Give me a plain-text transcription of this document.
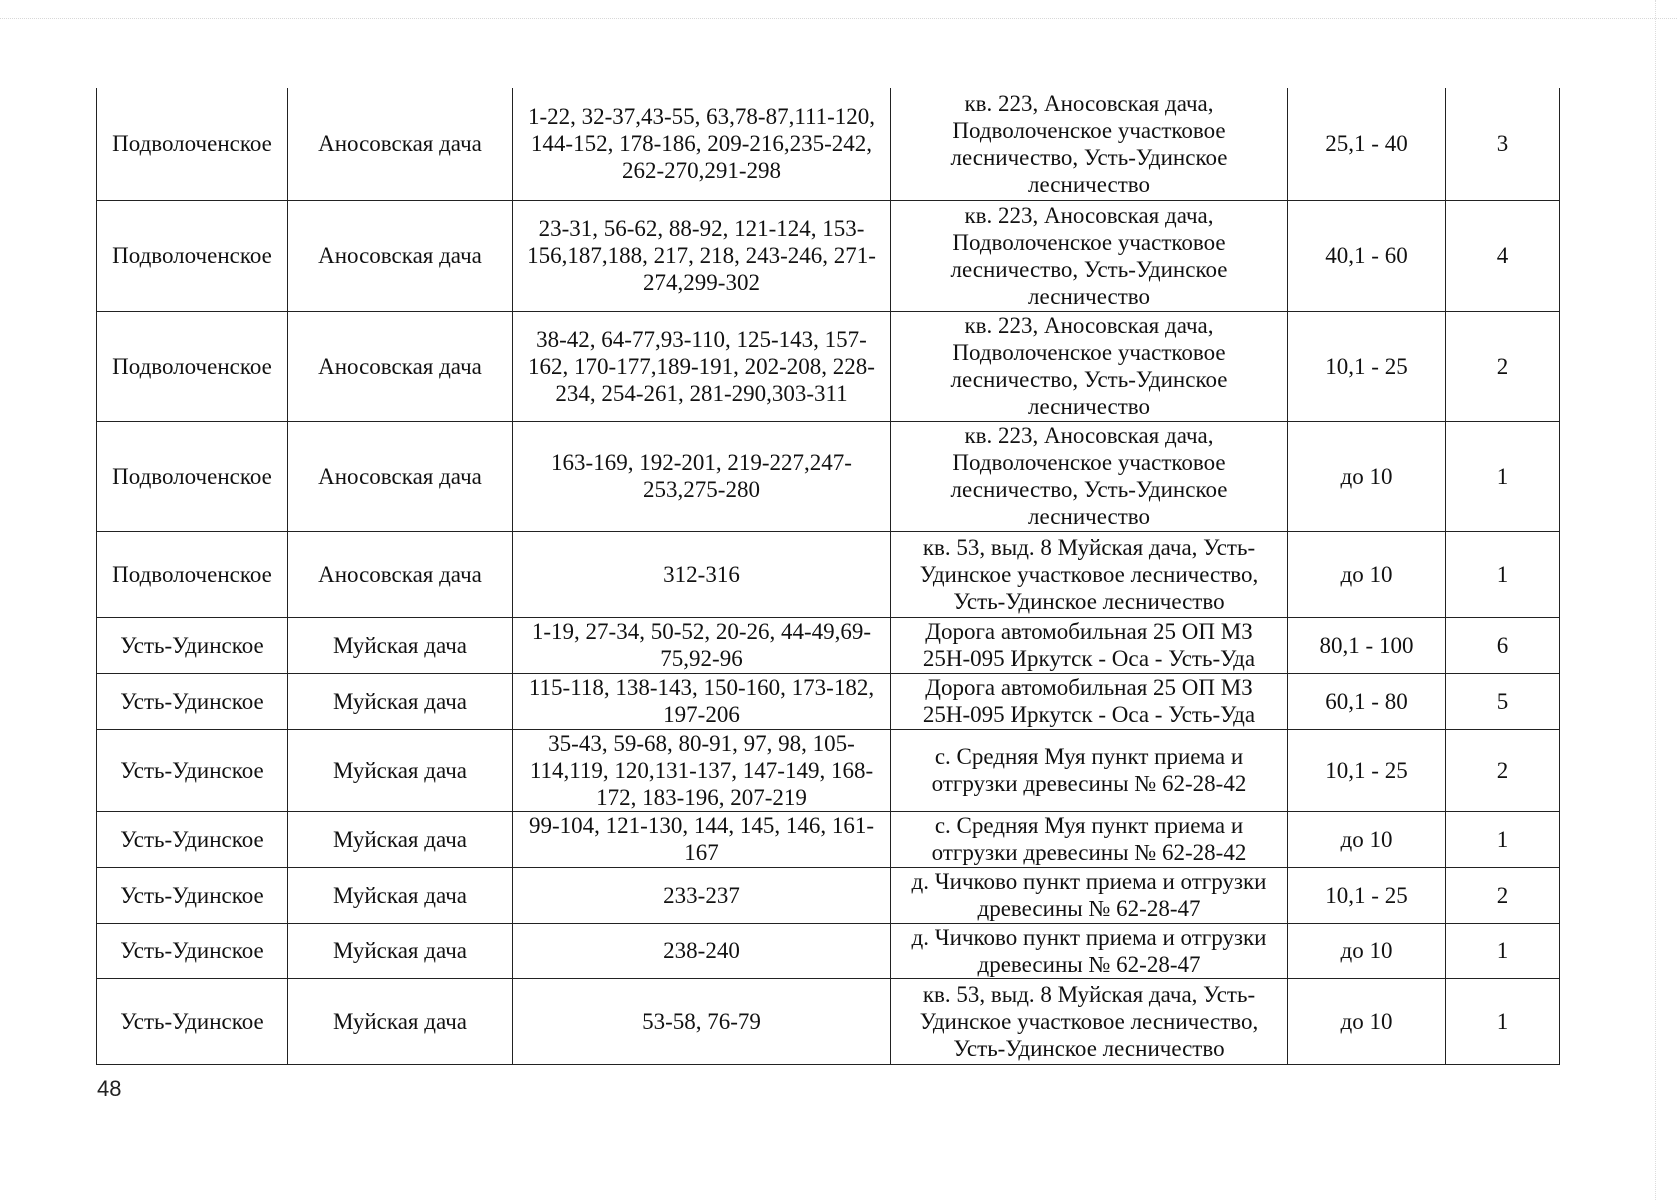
Подволоченское	Аносовская дача	1-22, 32-37,43-55, 63,78-87,111-120, 144-152, 178-186, 209-216,235-242, 262-270,291-298	кв. 223, Аносовская дача, Подволоченское участковое лесничество, Усть-Удинское лесничество	25,1 - 40	3
Подволоченское	Аносовская дача	23-31, 56-62, 88-92, 121-124, 153-156,187,188, 217, 218, 243-246, 271-274,299-302	кв. 223, Аносовская дача, Подволоченское участковое лесничество, Усть-Удинское лесничество	40,1 - 60	4
Подволоченское	Аносовская дача	38-42, 64-77,93-110, 125-143, 157-162, 170-177,189-191, 202-208, 228-234, 254-261, 281-290,303-311	кв. 223, Аносовская дача, Подволоченское участковое лесничество, Усть-Удинское лесничество	10,1 - 25	2
Подволоченское	Аносовская дача	163-169, 192-201, 219-227,247-253,275-280	кв. 223, Аносовская дача, Подволоченское участковое лесничество, Усть-Удинское лесничество	до 10	1
Подволоченское	Аносовская дача	312-316	кв. 53, выд. 8 Муйская дача, Усть-Удинское участковое лесничество, Усть-Удинское лесничество	до 10	1
Усть-Удинское	Муйская дача	1-19, 27-34, 50-52, 20-26, 44-49,69-75,92-96	Дорога автомобильная 25 ОП МЗ 25Н-095 Иркутск - Оса - Усть-Уда	80,1 - 100	6
Усть-Удинское	Муйская дача	115-118, 138-143, 150-160, 173-182, 197-206	Дорога автомобильная 25 ОП МЗ 25Н-095 Иркутск - Оса - Усть-Уда	60,1 - 80	5
Усть-Удинское	Муйская дача	35-43, 59-68, 80-91, 97, 98, 105-114,119, 120,131-137, 147-149, 168-172, 183-196, 207-219	с. Средняя Муя пункт приема и отгрузки древесины № 62-28-42	10,1 - 25	2
Усть-Удинское	Муйская дача	99-104, 121-130, 144, 145, 146, 161-167	с. Средняя Муя пункт приема и отгрузки древесины № 62-28-42	до 10	1
Усть-Удинское	Муйская дача	233-237	д. Чичково пункт приема и отгрузки древесины № 62-28-47	10,1 - 25	2
Усть-Удинское	Муйская дача	238-240	д. Чичково пункт приема и отгрузки древесины № 62-28-47	до 10	1
Усть-Удинское	Муйская дача	53-58, 76-79	кв. 53, выд. 8 Муйская дача, Усть-Удинское участковое лесничество, Усть-Удинское лесничество	до 10	1
48
